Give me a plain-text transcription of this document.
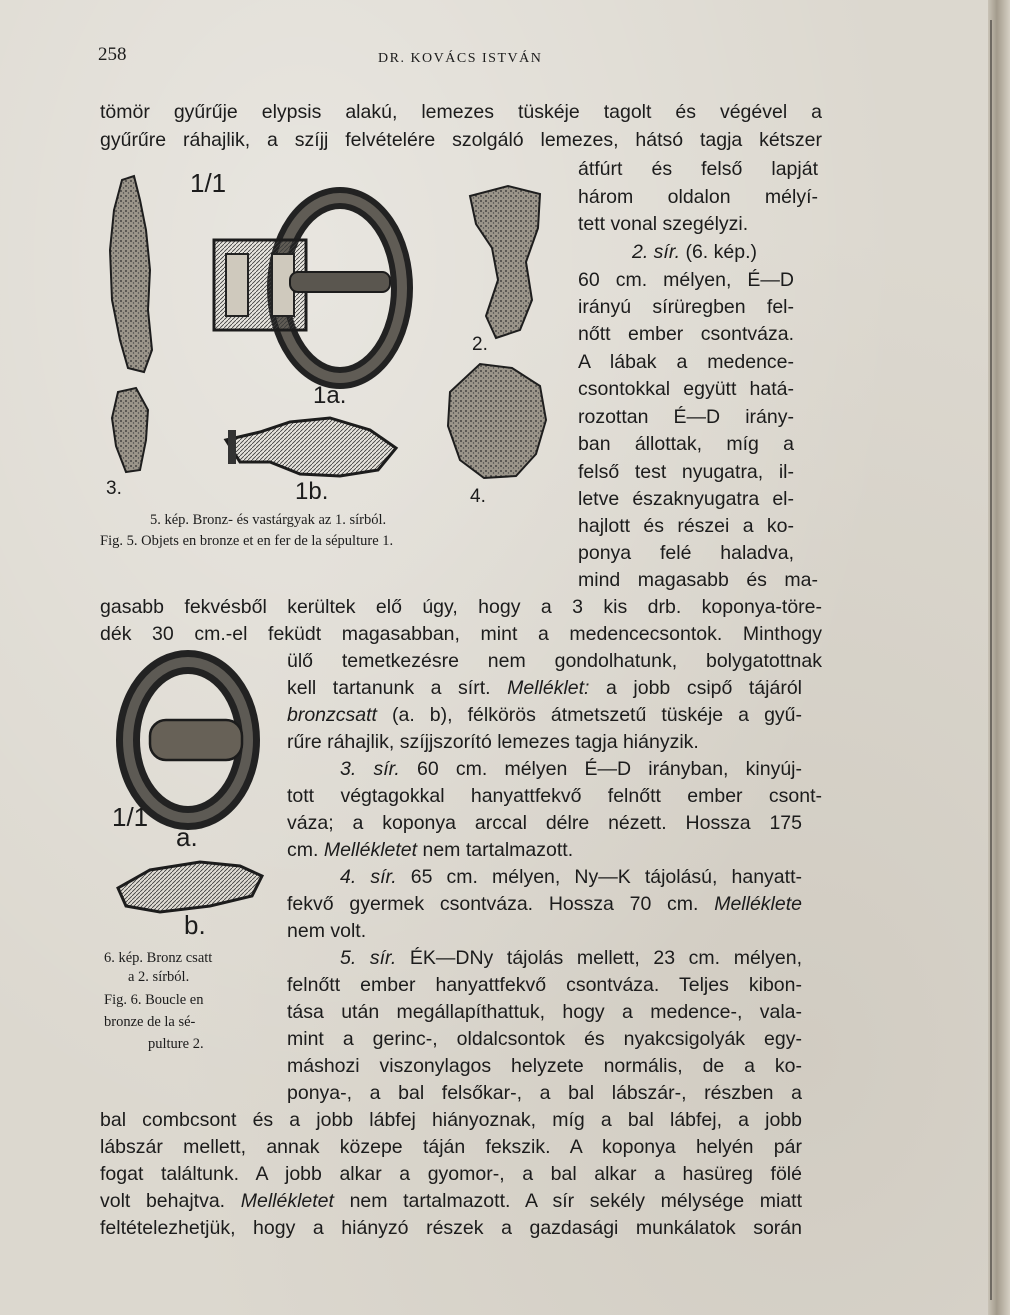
258	DR. KOVÁCS ISTVÁN
tömör gyűrűje elypsis alakú, lemezes tüskéje tagolt és végével a
gyűrűre ráhajlik, a szíjj felvételére szolgáló lemezes, hátsó tagja kétszer
átfúrt és felső lapját
három oldalon mélyí-
tett vonal szegélyzi.
2. sír. (6. kép.)
60 cm. mélyen, É—D
irányú sírüregben fel-
nőtt ember csontváza.
A lábak a medence-
csontokkal együtt hatá-
rozottan É—D irány-
ban állottak, míg a
felső test nyugatra, il-
letve északnyugatra el-
hajlott és részei a ko-
ponya felé haladva,
mind magasabb és ma-
gasabb fekvésből kerültek elő úgy, hogy a 3 kis drb. koponya-töre-
dék 30 cm.-el feküdt magasabban, mint a medencecsontok. Minthogy
ülő temetkezésre nem gondolhatunk, bolygatottnak
kell tartanunk a sírt. Melléklet: a jobb csipő tájáról
bronzcsatt (a. b), félkörös átmetszetű tüskéje a gyű-
rűre ráhajlik, szíjjszorító lemezes tagja hiányzik.
3. sír. 60 cm. mélyen É—D irányban, kinyúj-
tott végtagokkal hanyattfekvő felnőtt ember csont-
váza; a koponya arccal délre nézett. Hossza 175
cm. Mellékletet nem tartalmazott.
4. sír. 65 cm. mélyen, Ny—K tájolású, hanyatt-
fekvő gyermek csontváza. Hossza 70 cm. Melléklete
nem volt.
5. sír. ÉK—DNy tájolás mellett, 23 cm. mélyen,
felnőtt ember hanyattfekvő csontváza. Teljes kibon-
tása után megállapíthattuk, hogy a medence-, vala-
mint a gerinc-, oldalcsontok és nyakcsigolyák egy-
máshozi viszonylagos helyzete normális, de a ko-
ponya-, a bal felsőkar-, a bal lábszár-, részben a
bal combcsont és a jobb lábfej hiányoznak, míg a bal lábfej, a jobb
lábszár mellett, annak közepe táján fekszik. A koponya helyén pár
fogat találtunk. A jobb alkar a gyomor-, a bal alkar a hasüreg fölé
volt behajtva. Mellékletet nem tartalmazott. A sír sekély mélysége miatt
feltételezhetjük, hogy a hiányzó részek a gazdasági munkálatok során
1/1
1a.
2.
3.	1b.	4.
5. kép. Bronz- és vastárgyak az 1. sírból.
Fig. 5. Objets en bronze et en fer de la sépulture 1.
1/1
a.
b.
6. kép. Bronz csatt
a 2. sírból.
Fig. 6. Boucle en
bronze de la sé-
pulture 2.
